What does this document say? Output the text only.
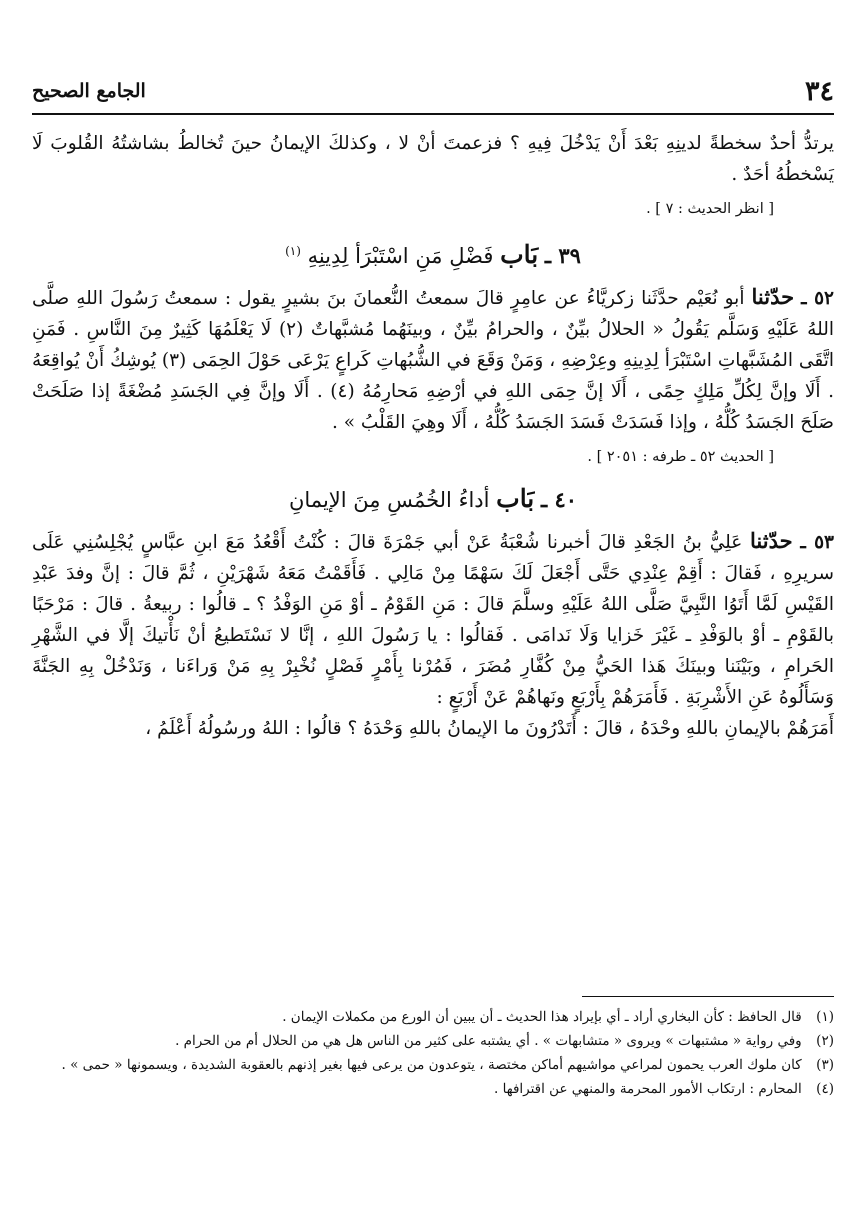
٣٤
الجامع الصحيح

يرتدُّ أحدٌ سخطةً لدينِهِ بَعْدَ أَنْ يَدْخُلَ فِيهِ ؟ فزعمتَ أنْ لا ، وكذلكَ الإيمانُ حينَ تُخالطُ بشاشتُهُ القُلوبَ لَا يَسْخطُهُ أحَدٌ .

[ انظر الحديث : ٧ ] .

٣٩ ـ بَاب فَضْلِ مَنِ اسْتَبْرَأ لِدِينِهِ $^{(١)}$

٥٢ ـ حدّثنا أبو نُعَيْم حدَّثَنا زكريَّاءُ عن عامِرٍ قالَ سمعتُ النُّعمانَ بنَ بشيرٍ يقول : سمعتُ رَسُولَ اللهِ صلَّى اللهُ عَلَيْهِ وَسَلَّم يَقُولُ « الحلالُ بيِّنٌ ، والحرامُ بيِّنٌ ، وبينَهُما مُشبَّهاتٌ (٢) لَا يَعْلَمُهَا كَثِيرٌ مِنَ النَّاسِ . فَمَنِ اتَّقَى المُشَبَّهاتِ اسْتَبْرَأ لِدِينِهِ وعِرْضِهِ ، وَمَنْ وَقَعَ في الشُّبُهاتِ كَراعٍ يَرْعَى حَوْلَ الحِمَى (٣) يُوشِكُ أَنْ يُواقِعَهُ . أَلَا وإنَّ لِكُلِّ مَلِكٍ حِمًى ، أَلَا إنَّ حِمَى اللهِ في أرْضِهِ مَحارِمُهُ (٤) . أَلَا وإنَّ فِي الجَسَدِ مُضْغَةً إذا صَلَحَتْ صَلَحَ الجَسَدُ كُلُّهُ ، وإذا فَسَدَتْ فَسَدَ الجَسَدُ كُلُّهُ ، أَلَا وهِيَ القَلْبُ » .

[ الحديث ٥٢ ـ طرفه : ٢٠٥١ ] .

٤٠ ـ بَاب أداءُ الخُمُسِ مِنَ الإيمانِ

٥٣ ـ حدّثنا عَلِيُّ بنُ الجَعْدِ قالَ أخبرنا شُعْبَةُ عَنْ أبي جَمْرَةَ قالَ : كُنْتُ أَقْعُدُ مَعَ ابنِ عبَّاسٍ يُجْلِسُنِي عَلَى سريرِهِ ، فَقالَ : أَقِمْ عِنْدِي حَتَّى أَجْعَلَ لَكَ سَهْمًا مِنْ مَالِي . فَأَقَمْتُ مَعَهُ شَهْرَيْنِ ، ثُمَّ قالَ : إنَّ وفدَ عَبْدِ القَيْسِ لَمَّا أَتَوُا النَّبِيَّ صَلَّى اللهُ عَلَيْهِ وسلَّمَ قالَ : مَنِ القَوْمُ ـ أوْ مَنِ الوَفْدُ ؟ ـ قالُوا : ربيعةُ . قالَ : مَرْحَبًا بالقَوْمِ ـ أوْ بالوَفْدِ ـ غَيْرَ خَزايا وَلَا نَدامَى . فَقالُوا : يا رَسُولَ اللهِ ، إنَّا لا نَسْتَطيعُ أنْ نَأْتيكَ إلَّا في الشَّهْرِ الحَرامِ ، وبَيْنَنا وبينَكَ هَذا الحَيُّ مِنْ كُفَّارِ مُضَرَ ، فَمُرْنا بِأَمْرٍ فَصْلٍ نُخْبِرْ بِهِ مَنْ وَراءَنا ، وَنَدْخُلْ بِهِ الجَنَّةَ وَسَأَلُوهُ عَنِ الأَشْرِبَةِ . فَأَمَرَهُمْ بِأَرْبَعٍ ونَهاهُمْ عَنْ أَرْبَعٍ :

أَمَرَهُمْ بالإيمانِ باللهِ وحْدَهُ ، قالَ : أَتَدْرُونَ ما الإيمانُ باللهِ وَحْدَهُ ؟ قالُوا : اللهُ ورسُولُهُ أَعْلَمُ ،

(١) قال الحافظ : كأن البخاري أراد ـ أي بإيراد هذا الحديث ـ أن يبين أن الورع من مكملات الإيمان .

(٢) وفي رواية « مشتبهات » ويروى « متشابهات » . أي يشتبه على كثير من الناس هل هي من الحلال أم من الحرام .

(٣) كان ملوك العرب يحمون لمراعي مواشيهم أماكن مختصة ، يتوعدون من يرعى فيها بغير إذنهم بالعقوبة الشديدة ، ويسمونها « حمى » .

(٤) المحارم : ارتكاب الأمور المحرمة والمنهي عن اقترافها .
